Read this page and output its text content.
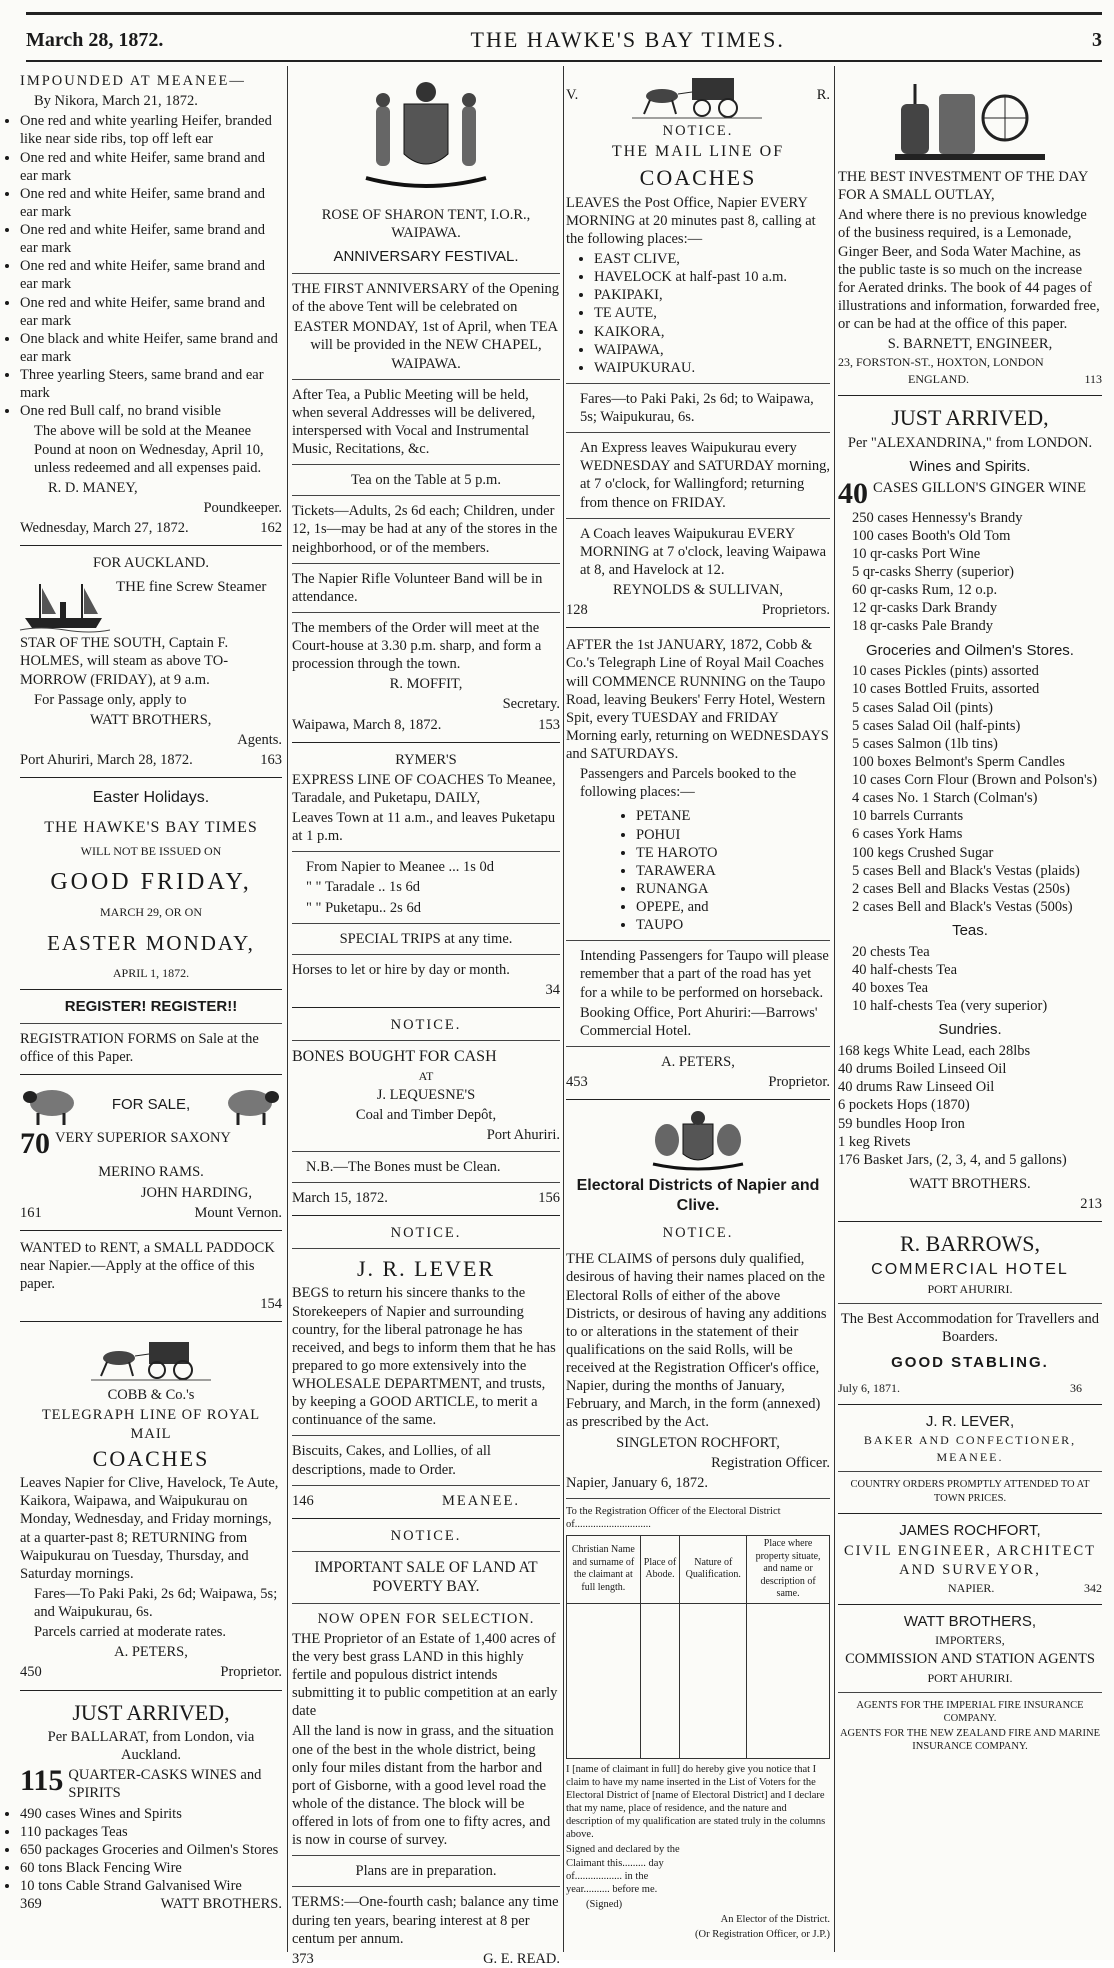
March 28, 1872.	THE HAWKE'S BAY TIMES.	3

IMPOUNDED AT MEANEE—

By Nikora, March 21, 1872.

• One red and white yearling Heifer, branded like near side ribs, top off left ear
• One red and white Heifer, same brand and ear mark
• One red and white Heifer, same brand and ear mark
• One red and white Heifer, same brand and ear mark
• One red and white Heifer, same brand and ear mark
• One red and white Heifer, same brand and ear mark
• One black and white Heifer, same brand and ear mark
• Three yearling Steers, same brand and ear mark
• One red Bull calf, no brand visible

The above will be sold at the Meanee Pound at noon on Wednesday, April 10, unless redeemed and all expenses paid.

R. D. MANEY,

Poundkeeper.

Wednesday, March 27, 1872.	162

FOR AUCKLAND.

THE fine Screw Steamer

STAR OF THE SOUTH, Captain F. HOLMES, will steam as above TO-MORROW (FRIDAY), at 9 a.m.

For Passage only, apply to

WATT BROTHERS,

Agents.

Port Ahuriri, March 28, 1872.	163

Easter Holidays.

THE HAWKE'S BAY TIMES

WILL NOT BE ISSUED ON

GOOD FRIDAY,

MARCH 29, OR ON

EASTER MONDAY,

APRIL 1, 1872.

REGISTER! REGISTER!!

REGISTRATION FORMS on Sale at the office of this Paper.

FOR SALE,

70 VERY SUPERIOR SAXONY

MERINO RAMS.

JOHN HARDING,

161	Mount Vernon.

WANTED to RENT, a SMALL PADDOCK near Napier.—Apply at the office of this paper.

154

COBB & Co.'s

TELEGRAPH LINE OF ROYAL MAIL

COACHES

Leaves Napier for Clive, Havelock, Te Aute, Kaikora, Waipawa, and Waipukurau on Monday, Wednesday, and Friday mornings, at a quarter-past 8; RETURNING from Waipukurau on Tuesday, Thursday, and Saturday mornings.

Fares—To Paki Paki, 2s 6d; Waipawa, 5s; and Waipukurau, 6s.

Parcels carried at moderate rates.

A. PETERS,

450	Proprietor.

JUST ARRIVED,

Per BALLARAT, from London, via Auckland.

115 QUARTER-CASKS WINES and SPIRITS

• 490 cases Wines and Spirits
• 110 packages Teas
• 650 packages Groceries and Oilmen's Stores
• 60 tons Black Fencing Wire
• 10 tons Cable Strand Galvanised Wire
369	WATT BROTHERS.

ROSE OF SHARON TENT, I.O.R., WAIPAWA.

ANNIVERSARY FESTIVAL.

THE FIRST ANNIVERSARY of the Opening of the above Tent will be celebrated on

EASTER MONDAY, 1st of April, when TEA will be provided in the NEW CHAPEL, WAIPAWA.

After Tea, a Public Meeting will be held, when several Addresses will be delivered, interspersed with Vocal and Instrumental Music, Recitations, &c.

Tea on the Table at 5 p.m.

Tickets—Adults, 2s 6d each; Children, under 12, 1s—may be had at any of the stores in the neighborhood, or of the members.

The Napier Rifle Volunteer Band will be in attendance.

The members of the Order will meet at the Court-house at 3.30 p.m. sharp, and form a procession through the town.

R. MOFFIT,

Secretary.

Waipawa, March 8, 1872.	153

RYMER'S

EXPRESS LINE OF COACHES To Meanee, Taradale, and Puketapu, DAILY,

Leaves Town at 11 a.m., and leaves Puketapu at 1 p.m.

From Napier to Meanee ... 1s 0d

" " Taradale .. 1s 6d

" " Puketapu.. 2s 6d

SPECIAL TRIPS at any time.

Horses to let or hire by day or month.

34

NOTICE.

BONES BOUGHT FOR CASH

AT

J. LEQUESNE'S

Coal and Timber Depôt,

Port Ahuriri.

N.B.—The Bones must be Clean.

March 15, 1872.	156

NOTICE.

J. R. LEVER

BEGS to return his sincere thanks to the Storekeepers of Napier and surrounding country, for the liberal patronage he has received, and begs to inform them that he has prepared to go more extensively into the WHOLESALE DEPARTMENT, and trusts, by keeping a GOOD ARTICLE, to merit a continuance of the same.

Biscuits, Cakes, and Lollies, of all descriptions, made to Order.

146	MEANEE.

NOTICE.

IMPORTANT SALE OF LAND AT POVERTY BAY.

NOW OPEN FOR SELECTION.

THE Proprietor of an Estate of 1,400 acres of the very best grass LAND in this highly fertile and populous district intends submitting it to public competition at an early date

All the land is now in grass, and the situation one of the best in the whole district, being only four miles distant from the harbor and port of Gisborne, with a good level road the whole of the distance. The block will be offered in lots of from one to fifty acres, and is now in course of survey.

Plans are in preparation.

TERMS:—One-fourth cash; balance any time during ten years, bearing interest at 8 per centum per annum.

373	G. E. READ.
V.	R.

NOTICE.

THE MAIL LINE OF

COACHES

LEAVES the Post Office, Napier EVERY MORNING at 20 minutes past 8, calling at the following places:—

• EAST CLIVE,
• HAVELOCK at half-past 10 a.m.
• PAKIPAKI,
• TE AUTE,
• KAIKORA,
• WAIPAWA,
• WAIPUKURAU.

Fares—to Paki Paki, 2s 6d; to Waipawa, 5s; Waipukurau, 6s.

An Express leaves Waipukurau every WEDNESDAY and SATURDAY morning, at 7 o'clock, for Wallingford; returning from thence on FRIDAY.

A Coach leaves Waipukurau EVERY MORNING at 7 o'clock, leaving Waipawa at 8, and Havelock at 12.

REYNOLDS & SULLIVAN,

128	Proprietors.

AFTER the 1st JANUARY, 1872, Cobb & Co.'s Telegraph Line of Royal Mail Coaches will COMMENCE RUNNING on the Taupo Road, leaving Beukers' Ferry Hotel, Western Spit, every TUESDAY and FRIDAY Morning early, returning on WEDNESDAYS and SATURDAYS.

Passengers and Parcels booked to the following places:—

• PETANE
• POHUI
• TE HAROTO
• TARAWERA
• RUNANGA
• OPEPE, and
• TAUPO

Intending Passengers for Taupo will please remember that a part of the road has yet for a while to be performed on horseback.

Booking Office, Port Ahuriri:—Barrows' Commercial Hotel.

A. PETERS,

453	Proprietor.

Electoral Districts of Napier and Clive.

NOTICE.

THE CLAIMS of persons duly qualified, desirous of having their names placed on the Electoral Rolls of either of the above Districts, or desirous of having any additions to or alterations in the statement of their qualifications on the said Rolls, will be received at the Registration Officer's office, Napier, during the months of January, February, and March, in the form (annexed) as prescribed by the Act.

SINGLETON ROCHFORT,

Registration Officer.

Napier, January 6, 1872.

To the Registration Officer of the Electoral District of.............................

Christian Name and surname of the claimant at full length.	Place of Abode.	Nature of Qualification.	Place where property situate, and name or description of same.

I [name of claimant in full] do hereby give you notice that I claim to have my name inserted in the List of Voters for the Electoral District of [name of Electoral District] and I declare that my name, place of residence, and the nature and description of my qualification are stated truly in the columns above.

Signed and declared by the Claimant this......... day of.................. in the year.......... before me.

(Signed)

An Elector of the District.

(Or Registration Officer, or J.P.)

THE BEST INVESTMENT OF THE DAY FOR A SMALL OUTLAY,

And where there is no previous knowledge of the business required, is a Lemonade, Ginger Beer, and Soda Water Machine, as the public taste is so much on the increase for Aerated drinks. The book of 44 pages of illustrations and information, forwarded free, or can be had at the office of this paper.

S. BARNETT, ENGINEER,

23, FORSTON-ST., HOXTON, LONDON

ENGLAND.	113

JUST ARRIVED,

Per "ALEXANDRINA," from LONDON.

Wines and Spirits.

40 CASES GILLON'S GINGER WINE

250 cases Hennessy's Brandy
100 cases Booth's Old Tom
10 qr-casks Port Wine
5 qr-casks Sherry (superior)
60 qr-casks Rum, 12 o.p.
12 qr-casks Dark Brandy
18 qr-casks Pale Brandy

Groceries and Oilmen's Stores.

10 cases Pickles (pints) assorted
10 cases Bottled Fruits, assorted
5 cases Salad Oil (pints)
5 cases Salad Oil (half-pints)
5 cases Salmon (1lb tins)
100 boxes Belmont's Sperm Candles
10 cases Corn Flour (Brown and Polson's)
4 cases No. 1 Starch (Colman's)
10 barrels Currants
6 cases York Hams
100 kegs Crushed Sugar
5 cases Bell and Black's Vestas (plaids)
2 cases Bell and Blacks Vestas (250s)
2 cases Bell and Black's Vestas (500s)

Teas.

20 chests Tea
40 half-chests Tea
40 boxes Tea
10 half-chests Tea (very superior)

Sundries.

168 kegs White Lead, each 28lbs
40 drums Boiled Linseed Oil
40 drums Raw Linseed Oil
6 pockets Hops (1870)
59 bundles Hoop Iron
1 keg Rivets
176 Basket Jars, (2, 3, 4, and 5 gallons)

WATT BROTHERS.

213

R. BARROWS,

COMMERCIAL HOTEL

PORT AHURIRI.

The Best Accommodation for Travellers and Boarders.

GOOD STABLING.

July 6, 1871.	36

J. R. LEVER,

BAKER AND CONFECTIONER,

MEANEE.

COUNTRY ORDERS PROMPTLY ATTENDED TO AT TOWN PRICES.

JAMES ROCHFORT,

CIVIL ENGINEER, ARCHITECT AND SURVEYOR,

NAPIER.	342

WATT BROTHERS,

IMPORTERS,

COMMISSION AND STATION AGENTS

PORT AHURIRI.

AGENTS FOR THE IMPERIAL FIRE INSURANCE COMPANY.

AGENTS FOR THE NEW ZEALAND FIRE AND MARINE INSURANCE COMPANY.
